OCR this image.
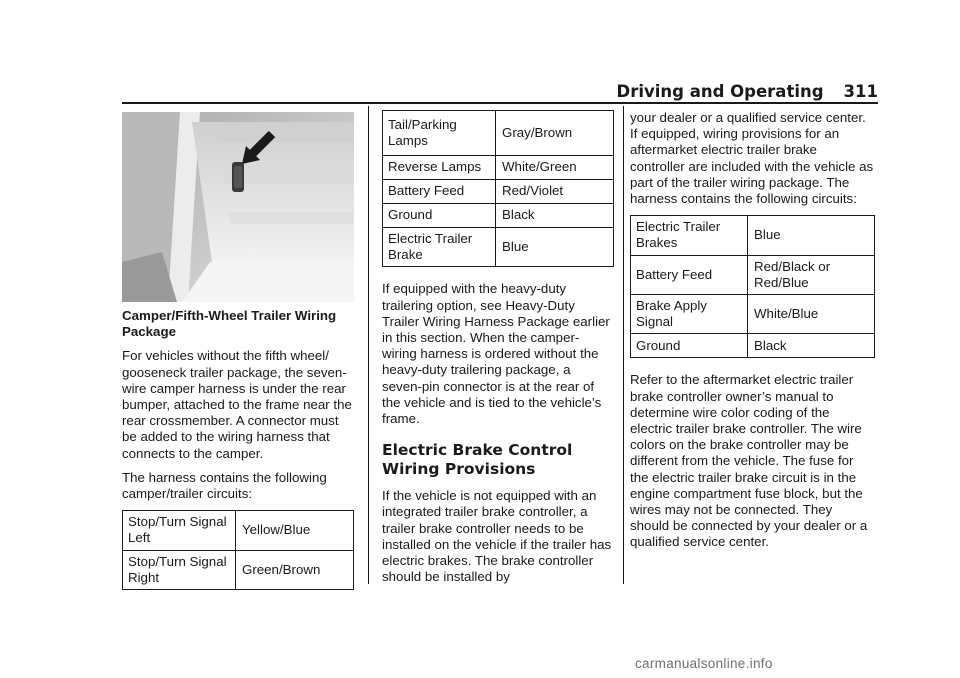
Driving and Operating 311

Camper/Fifth-Wheel Trailer Wiring Package

For vehicles without the fifth wheel/ gooseneck trailer package, the seven-wire camper harness is under the rear bumper, attached to the frame near the rear crossmember. A connector must be added to the wiring harness that connects to the camper.

The harness contains the following camper/trailer circuits:

Stop/Turn Signal Left	Yellow/Blue
Stop/Turn Signal Right	Green/Brown
Tail/Parking Lamps	Gray/Brown
Reverse Lamps	White/Green
Battery Feed	Red/Violet
Ground	Black
Electric Trailer Brake	Blue

If equipped with the heavy-duty trailering option, see Heavy-Duty Trailer Wiring Harness Package earlier in this section. When the camper-wiring harness is ordered without the heavy-duty trailering package, a seven-pin connector is at the rear of the vehicle and is tied to the vehicle’s frame.

Electric Brake Control Wiring Provisions

If the vehicle is not equipped with an integrated trailer brake controller, a trailer brake controller needs to be installed on the vehicle if the trailer has electric brakes. The brake controller should be installed by

your dealer or a qualified service center. If equipped, wiring provisions for an aftermarket electric trailer brake controller are included with the vehicle as part of the trailer wiring package. The harness contains the following circuits:

Electric Trailer Brakes	Blue
Battery Feed	Red/Black or Red/Blue
Brake Apply Signal	White/Blue
Ground	Black

Refer to the aftermarket electric trailer brake controller owner’s manual to determine wire color coding of the electric trailer brake controller. The wire colors on the brake controller may be different from the vehicle. The fuse for the electric trailer brake circuit is in the engine compartment fuse block, but the wires may not be connected. They should be connected by your dealer or a qualified service center.

carmanualsonline.info
